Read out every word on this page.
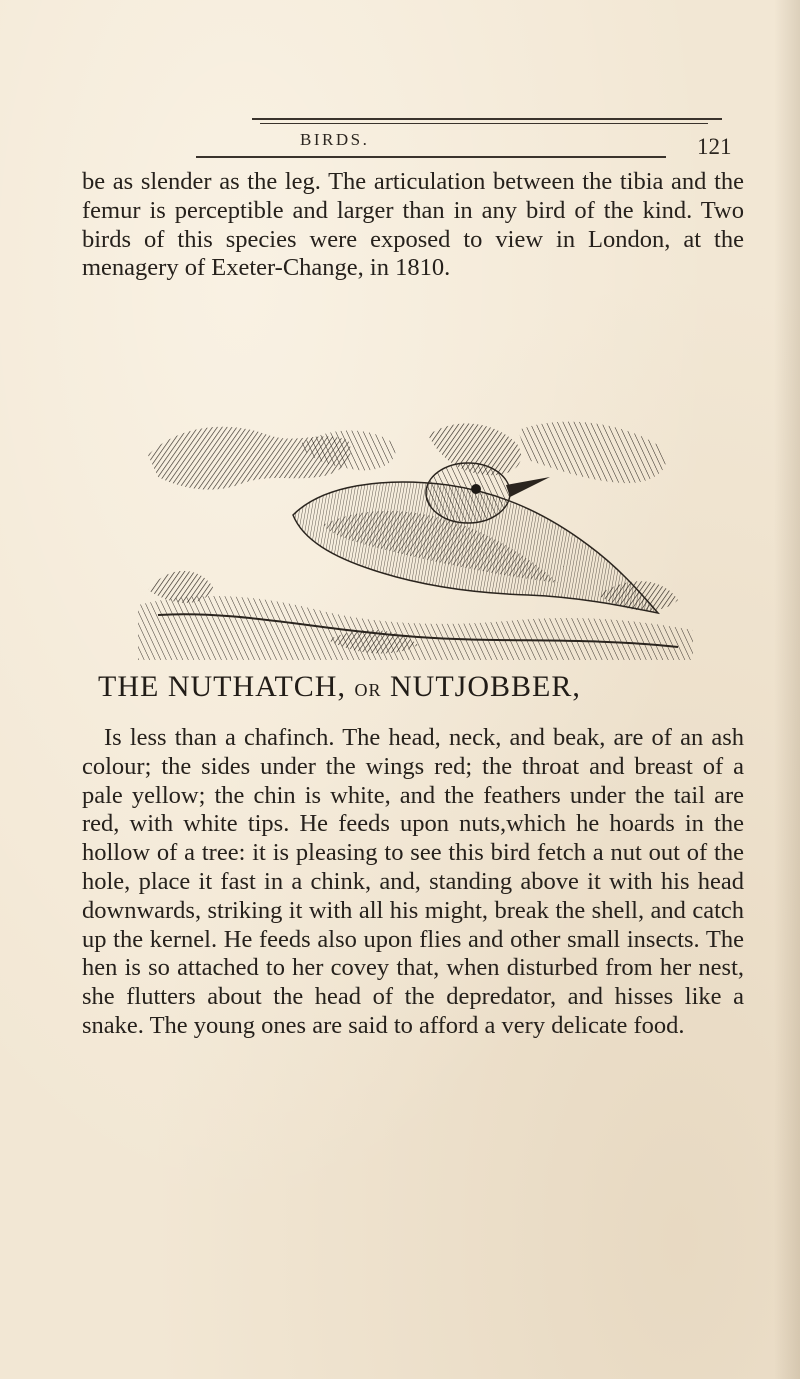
BIRDS.	121

be as slender as the leg. The articulation between the tibia and the femur is perceptible and larger than in any bird of the kind. Two birds of this species were exposed to view in London, at the menagery of Exeter-Change, in 1810.

THE NUTHATCH, OR NUTJOBBER,

Is less than a chafinch. The head, neck, and beak, are of an ash colour; the sides under the wings red; the throat and breast of a pale yellow; the chin is white, and the feathers under the tail are red, with white tips. He feeds upon nuts,which he hoards in the hollow of a tree: it is pleasing to see this bird fetch a nut out of the hole, place it fast in a chink, and, standing above it with his head downwards, striking it with all his might, break the shell, and catch up the kernel. He feeds also upon flies and other small insects. The hen is so attached to her covey that, when disturbed from her nest, she flutters about the head of the depredator, and hisses like a snake. The young ones are said to afford a very delicate food.
